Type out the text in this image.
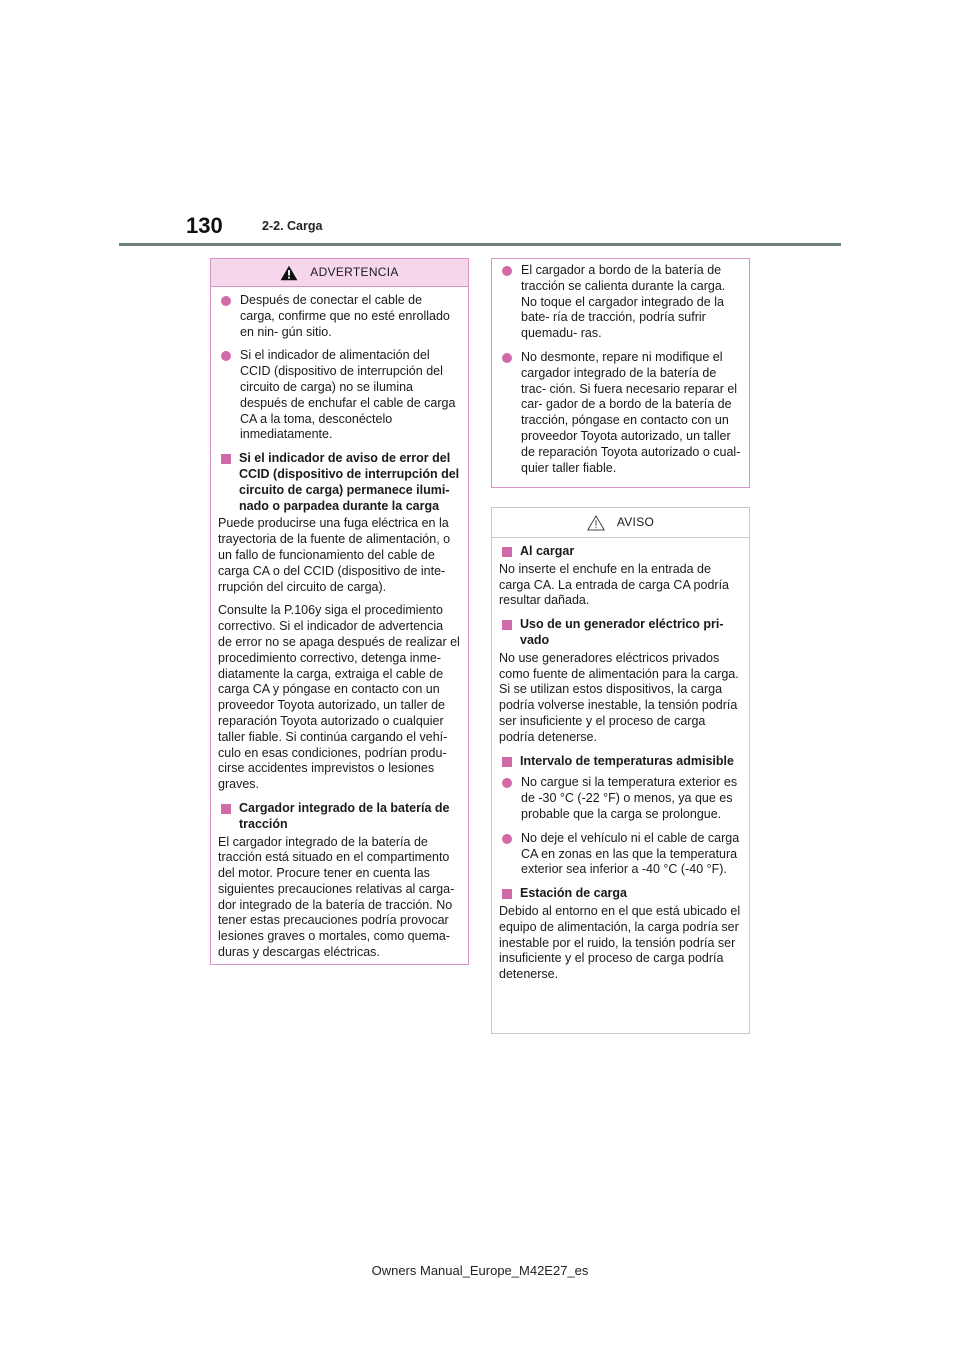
130	2-2. Carga
ADVERTENCIA
Después de conectar el cable de carga, confirme que no esté enrollado en nin- gún sitio.
Si el indicador de alimentación del CCID (dispositivo de interrupción del circuito de carga) no se ilumina después de enchufar el cable de carga CA a la toma, desconéctelo inmediatamente.
Si el indicador de aviso de error del CCID (dispositivo de interrupción del circuito de carga) permanece ilumi- nado o parpadea durante la carga
Puede producirse una fuga eléctrica en la trayectoria de la fuente de alimentación, o un fallo de funcionamiento del cable de carga CA o del CCID (dispositivo de inte- rrupción del circuito de carga).
Consulte la P.106y siga el procedimiento correctivo. Si el indicador de advertencia de error no se apaga después de realizar el procedimiento correctivo, detenga inme- diatamente la carga, extraiga el cable de carga CA y póngase en contacto con un proveedor Toyota autorizado, un taller de reparación Toyota autorizado o cualquier taller fiable. Si continúa cargando el vehí- culo en esas condiciones, podrían produ- cirse accidentes imprevistos o lesiones graves.
Cargador integrado de la batería de tracción
El cargador integrado de la batería de tracción está situado en el compartimento del motor. Procure tener en cuenta las siguientes precauciones relativas al carga- dor integrado de la batería de tracción. No tener estas precauciones podría provocar lesiones graves o mortales, como quema- duras y descargas eléctricas.
El cargador a bordo de la batería de tracción se calienta durante la carga. No toque el cargador integrado de la bate- ría de tracción, podría sufrir quemadu- ras.
No desmonte, repare ni modifique el cargador integrado de la batería de trac- ción. Si fuera necesario reparar el car- gador de a bordo de la batería de tracción, póngase en contacto con un proveedor Toyota autorizado, un taller de reparación Toyota autorizado o cual- quier taller fiable.
AVISO
Al cargar
No inserte el enchufe en la entrada de carga CA. La entrada de carga CA podría resultar dañada.
Uso de un generador eléctrico pri- vado
No use generadores eléctricos privados como fuente de alimentación para la carga. Si se utilizan estos dispositivos, la carga podría volverse inestable, la tensión podría ser insuficiente y el proceso de carga podría detenerse.
Intervalo de temperaturas admisible
No cargue si la temperatura exterior es de -30 °C (-22 °F) o menos, ya que es probable que la carga se prolongue.
No deje el vehículo ni el cable de carga CA en zonas en las que la temperatura exterior sea inferior a -40 °C (-40 °F).
Estación de carga
Debido al entorno en el que está ubicado el equipo de alimentación, la carga podría ser inestable por el ruido, la tensión podría ser insuficiente y el proceso de carga podría detenerse.
Owners Manual_Europe_M42E27_es
